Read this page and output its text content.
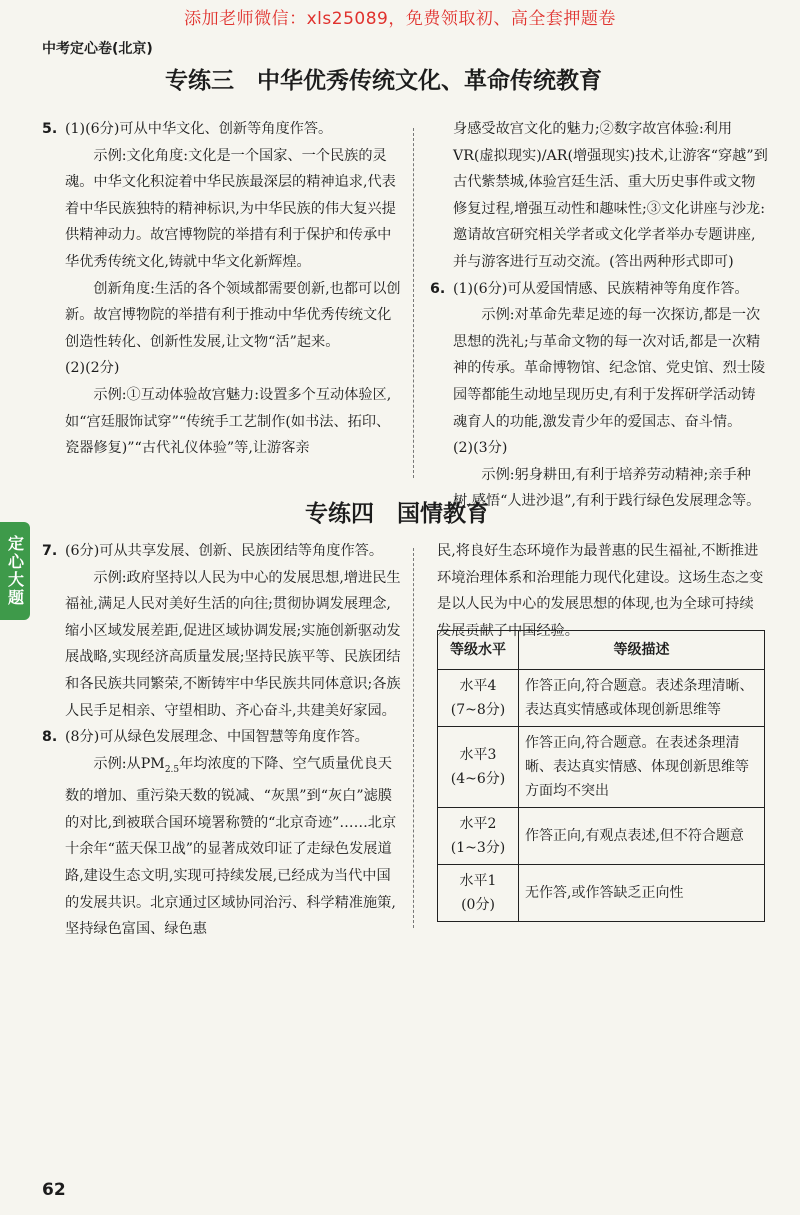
添加老师微信：xls25089，免费领取初、高全套押题卷
中考定心卷(北京)
专练三　中华优秀传统文化、革命传统教育
5. (1)(6分)可从中华文化、创新等角度作答。

示例:文化角度:文化是一个国家、一个民族的灵魂。中华文化积淀着中华民族最深层的精神追求,代表着中华民族独特的精神标识,为中华民族的伟大复兴提供精神动力。故宫博物院的举措有利于保护和传承中华优秀传统文化,铸就中华文化新辉煌。

创新角度:生活的各个领域都需要创新,也都可以创新。故宫博物院的举措有利于推动中华优秀传统文化创造性转化、创新性发展,让文物“活”起来。

(2)(2分)

示例:①互动体验故宫魅力:设置多个互动体验区,如“宫廷服饰试穿”“传统手工艺制作(如书法、拓印、瓷器修复)”“古代礼仪体验”等,让游客亲

身感受故宫文化的魅力;②数字故宫体验:利用VR(虚拟现实)/AR(增强现实)技术,让游客“穿越”到古代紫禁城,体验宫廷生活、重大历史事件或文物修复过程,增强互动性和趣味性;③文化讲座与沙龙:邀请故宫研究相关学者或文化学者举办专题讲座,并与游客进行互动交流。(答出两种形式即可)

6. (1)(6分)可从爱国情感、民族精神等角度作答。

示例:对革命先辈足迹的每一次探访,都是一次思想的洗礼;与革命文物的每一次对话,都是一次精神的传承。革命博物馆、纪念馆、党史馆、烈士陵园等都能生动地呈现历史,有利于发挥研学活动铸魂育人的功能,激发青少年的爱国志、奋斗情。

(2)(3分)

示例:躬身耕田,有利于培养劳动精神;亲手种树,感悟“人进沙退”,有利于践行绿色发展理念等。

定心大题
专练四　国情教育
7. (6分)可从共享发展、创新、民族团结等角度作答。

示例:政府坚持以人民为中心的发展思想,增进民生福祉,满足人民对美好生活的向往;贯彻协调发展理念,缩小区域发展差距,促进区域协调发展;实施创新驱动发展战略,实现经济高质量发展;坚持民族平等、民族团结和各民族共同繁荣,不断铸牢中华民族共同体意识;各族人民手足相亲、守望相助、齐心奋斗,共建美好家园。

8. (8分)可从绿色发展理念、中国智慧等角度作答。

示例:从$PM_{2.5}$年均浓度的下降、空气质量优良天数的增加、重污染天数的锐减、“灰黑”到“灰白”滤膜的对比,到被联合国环境署称赞的“北京奇迹”……北京十余年“蓝天保卫战”的显著成效印证了走绿色发展道路,建设生态文明,实现可持续发展,已经成为当代中国的发展共识。北京通过区域协同治污、科学精准施策,坚持绿色富国、绿色惠

民,将良好生态环境作为最普惠的民生福祉,不断推进环境治理体系和治理能力现代化建设。这场生态之变是以人民为中心的发展思想的体现,也为全球可持续发展贡献了中国经验。

等级水平	等级描述
水平4
(7~8分)	作答正向,符合题意。表述条理清晰、表达真实情感或体现创新思维等
水平3
(4~6分)	作答正向,符合题意。在表述条理清晰、表达真实情感、体现创新思维等方面均不突出
水平2
(1~3分)	作答正向,有观点表述,但不符合题意
水平1
(0分)	无作答,或作答缺乏正向性
62
